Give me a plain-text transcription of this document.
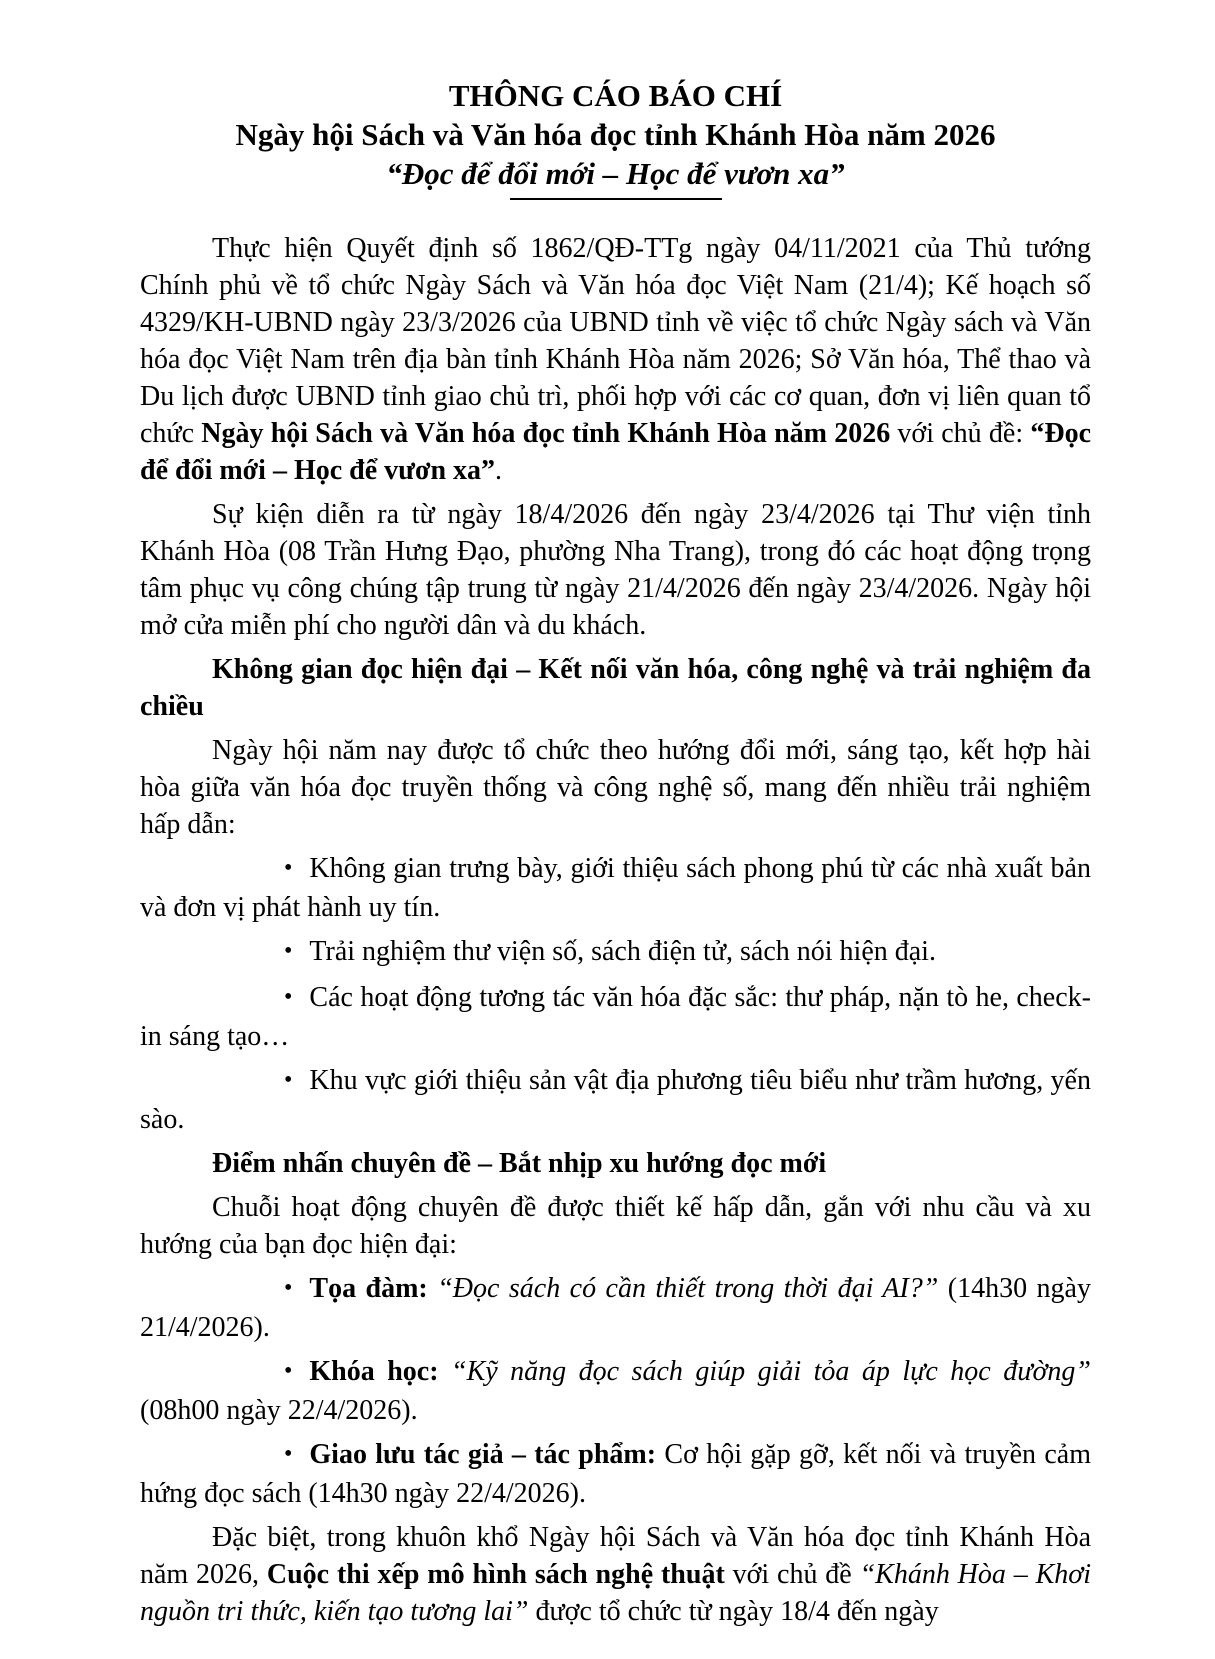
THÔNG CÁO BÁO CHÍ
Ngày hội Sách và Văn hóa đọc tỉnh Khánh Hòa năm 2026
“Đọc để đổi mới – Học để vươn xa”

Thực hiện Quyết định số 1862/QĐ-TTg ngày 04/11/2021 của Thủ tướng Chính phủ về tổ chức Ngày Sách và Văn hóa đọc Việt Nam (21/4); Kế hoạch số 4329/KH-UBND ngày 23/3/2026 của UBND tỉnh về việc tổ chức Ngày sách và Văn hóa đọc Việt Nam trên địa bàn tỉnh Khánh Hòa năm 2026; Sở Văn hóa, Thể thao và Du lịch được UBND tỉnh giao chủ trì, phối hợp với các cơ quan, đơn vị liên quan tổ chức Ngày hội Sách và Văn hóa đọc tỉnh Khánh Hòa năm 2026 với chủ đề: “Đọc để đổi mới – Học để vươn xa”.

Sự kiện diễn ra từ ngày 18/4/2026 đến ngày 23/4/2026 tại Thư viện tỉnh Khánh Hòa (08 Trần Hưng Đạo, phường Nha Trang), trong đó các hoạt động trọng tâm phục vụ công chúng tập trung từ ngày 21/4/2026 đến ngày 23/4/2026. Ngày hội mở cửa miễn phí cho người dân và du khách.

Không gian đọc hiện đại – Kết nối văn hóa, công nghệ và trải nghiệm đa chiều

Ngày hội năm nay được tổ chức theo hướng đổi mới, sáng tạo, kết hợp hài hòa giữa văn hóa đọc truyền thống và công nghệ số, mang đến nhiều trải nghiệm hấp dẫn:

• Không gian trưng bày, giới thiệu sách phong phú từ các nhà xuất bản và đơn vị phát hành uy tín.

• Trải nghiệm thư viện số, sách điện tử, sách nói hiện đại.

• Các hoạt động tương tác văn hóa đặc sắc: thư pháp, nặn tò he, check-in sáng tạo…

• Khu vực giới thiệu sản vật địa phương tiêu biểu như trầm hương, yến sào.

Điểm nhấn chuyên đề – Bắt nhịp xu hướng đọc mới

Chuỗi hoạt động chuyên đề được thiết kế hấp dẫn, gắn với nhu cầu và xu hướng của bạn đọc hiện đại:

• Tọa đàm: “Đọc sách có cần thiết trong thời đại AI?” (14h30 ngày 21/4/2026).

• Khóa học: “Kỹ năng đọc sách giúp giải tỏa áp lực học đường” (08h00 ngày 22/4/2026).

• Giao lưu tác giả – tác phẩm: Cơ hội gặp gỡ, kết nối và truyền cảm hứng đọc sách (14h30 ngày 22/4/2026).

Đặc biệt, trong khuôn khổ Ngày hội Sách và Văn hóa đọc tỉnh Khánh Hòa năm 2026, Cuộc thi xếp mô hình sách nghệ thuật với chủ đề “Khánh Hòa – Khơi nguồn tri thức, kiến tạo tương lai” được tổ chức từ ngày 18/4 đến ngày
